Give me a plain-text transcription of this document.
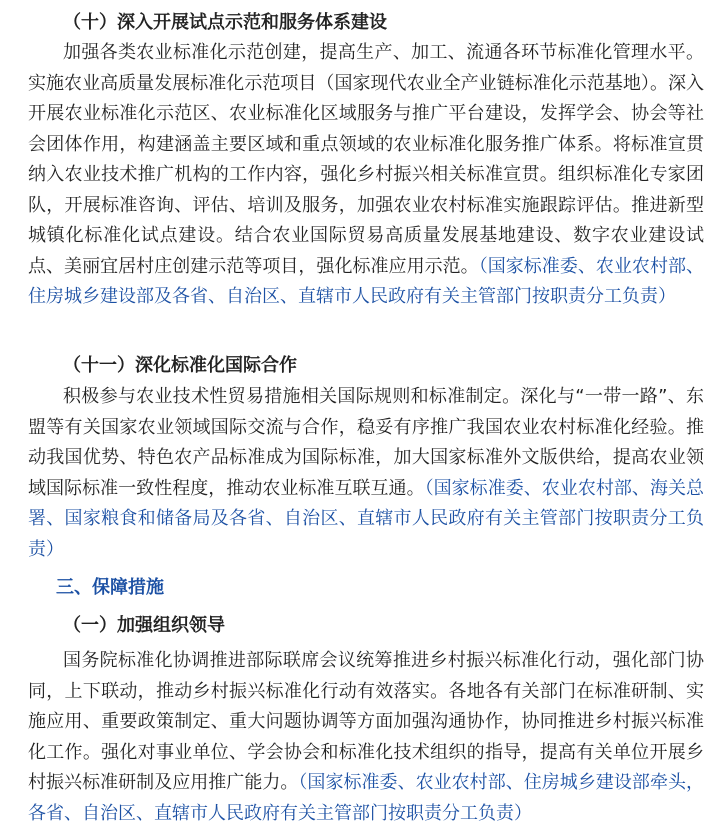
（十）深入开展试点示范和服务体系建设

加强各类农业标准化示范创建，提高生产、加工、流通各环节标准化管理水平。实施农业高质量发展标准化示范项目（国家现代农业全产业链标准化示范基地）。深入开展农业标准化示范区、农业标准化区域服务与推广平台建设，发挥学会、协会等社会团体作用，构建涵盖主要区域和重点领域的农业标准化服务推广体系。将标准宣贯纳入农业技术推广机构的工作内容，强化乡村振兴相关标准宣贯。组织标准化专家团队，开展标准咨询、评估、培训及服务，加强农业农村标准实施跟踪评估。推进新型城镇化标准化试点建设。结合农业国际贸易高质量发展基地建设、数字农业建设试点、美丽宜居村庄创建示范等项目，强化标准应用示范。（国家标准委、农业农村部、住房城乡建设部及各省、自治区、直辖市人民政府有关主管部门按职责分工负责）

（十一）深化标准化国际合作

积极参与农业技术性贸易措施相关国际规则和标准制定。深化与“一带一路”、东盟等有关国家农业领域国际交流与合作，稳妥有序推广我国农业农村标准化经验。推动我国优势、特色农产品标准成为国际标准，加大国家标准外文版供给，提高农业领域国际标准一致性程度，推动农业标准互联互通。（国家标准委、农业农村部、海关总署、国家粮食和储备局及各省、自治区、直辖市人民政府有关主管部门按职责分工负责）

三、保障措施
（一）加强组织领导

国务院标准化协调推进部际联席会议统筹推进乡村振兴标准化行动，强化部门协同，上下联动，推动乡村振兴标准化行动有效落实。各地各有关部门在标准研制、实施应用、重要政策制定、重大问题协调等方面加强沟通协作，协同推进乡村振兴标准化工作。强化对事业单位、学会协会和标准化技术组织的指导，提高有关单位开展乡村振兴标准研制及应用推广能力。（国家标准委、农业农村部、住房城乡建设部牵头，各省、自治区、直辖市人民政府有关主管部门按职责分工负责）
